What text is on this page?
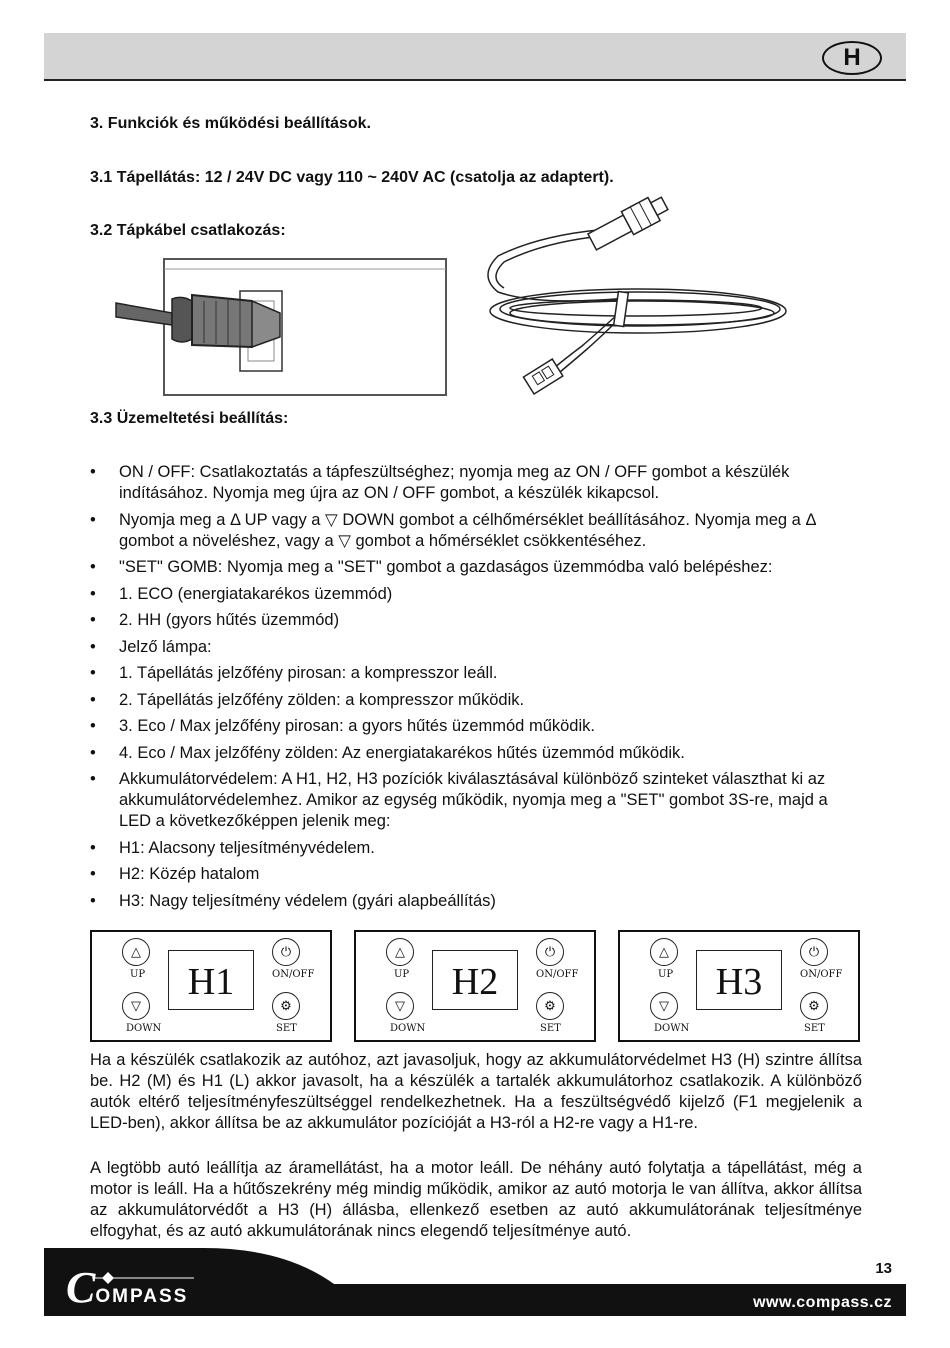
H
3. Funkciók és működési beállítások.
3.1 Tápellátás: 12 / 24V DC vagy 110 ~ 240V AC (csatolja az adaptert).
3.2 Tápkábel csatlakozás:
3.3 Üzemeltetési beállítás:
• ON / OFF: Csatlakoztatás a tápfeszültséghez; nyomja meg az ON / OFF gombot a készülék indításához. Nyomja meg újra az ON / OFF gombot, a készülék kikapcsol.
• Nyomja meg a Δ UP vagy a ▽ DOWN gombot a célhőmérséklet beállításához. Nyomja meg a Δ gombot a növeléshez, vagy a ▽ gombot a hőmérséklet csökkentéséhez.
• "SET" GOMB: Nyomja meg a "SET" gombot a gazdaságos üzemmódba való belépéshez:
• 1. ECO (energiatakarékos üzemmód)
• 2. HH (gyors hűtés üzemmód)
• Jelző lámpa:
• 1. Tápellátás jelzőfény pirosan: a kompresszor leáll.
• 2. Tápellátás jelzőfény zölden: a kompresszor működik.
• 3. Eco / Max jelzőfény pirosan: a gyors hűtés üzemmód működik.
• 4. Eco / Max jelzőfény zölden: Az energiatakarékos hűtés üzemmód működik.
• Akkumulátorvédelem: A H1, H2, H3 pozíciók kiválasztásával különböző szinteket választhat ki az akkumulátorvédelemhez. Amikor az egység működik, nyomja meg a "SET" gombot 3S-re, majd a LED a következőképpen jelenik meg:
• H1: Alacsony teljesítményvédelem.
• H2: Közép hatalom
• H3: Nagy teljesítmény védelem (gyári alapbeállítás)
△
UP
▽
DOWN
H1
⏻
ON/OFF
⚙
SET
△
UP
▽
DOWN
H2
⏻
ON/OFF
⚙
SET
△
UP
▽
DOWN
H3
⏻
ON/OFF
⚙
SET

Ha a készülék csatlakozik az autóhoz, azt javasoljuk, hogy az akkumulátorvédelmet H3 (H) szintre állítsa be. H2 (M) és H1 (L) akkor javasolt, ha a készülék a tartalék akkumulátorhoz csatlakozik. A különböző autók eltérő teljesítményfeszültséggel rendelkezhetnek. Ha a feszültségvédő kijelző (F1 megjelenik a LED-ben), akkor állítsa be az akkumulátor pozícióját a H3-ról a H2-re vagy a H1-re.

A legtöbb autó leállítja az áramellátást, ha a motor leáll. De néhány autó folytatja a tápellátást, még a motor is leáll. Ha a hűtőszekrény még mindig működik, amikor az autó motorja le van állítva, akkor állítsa az akkumulátorvédőt a H3 (H) állásba, ellenkező esetben az autó akkumulátorának teljesítménye elfogyhat, és az autó akkumulátorának nincs elegendő teljesítménye autó.

COMPASS
13
www.compass.cz
